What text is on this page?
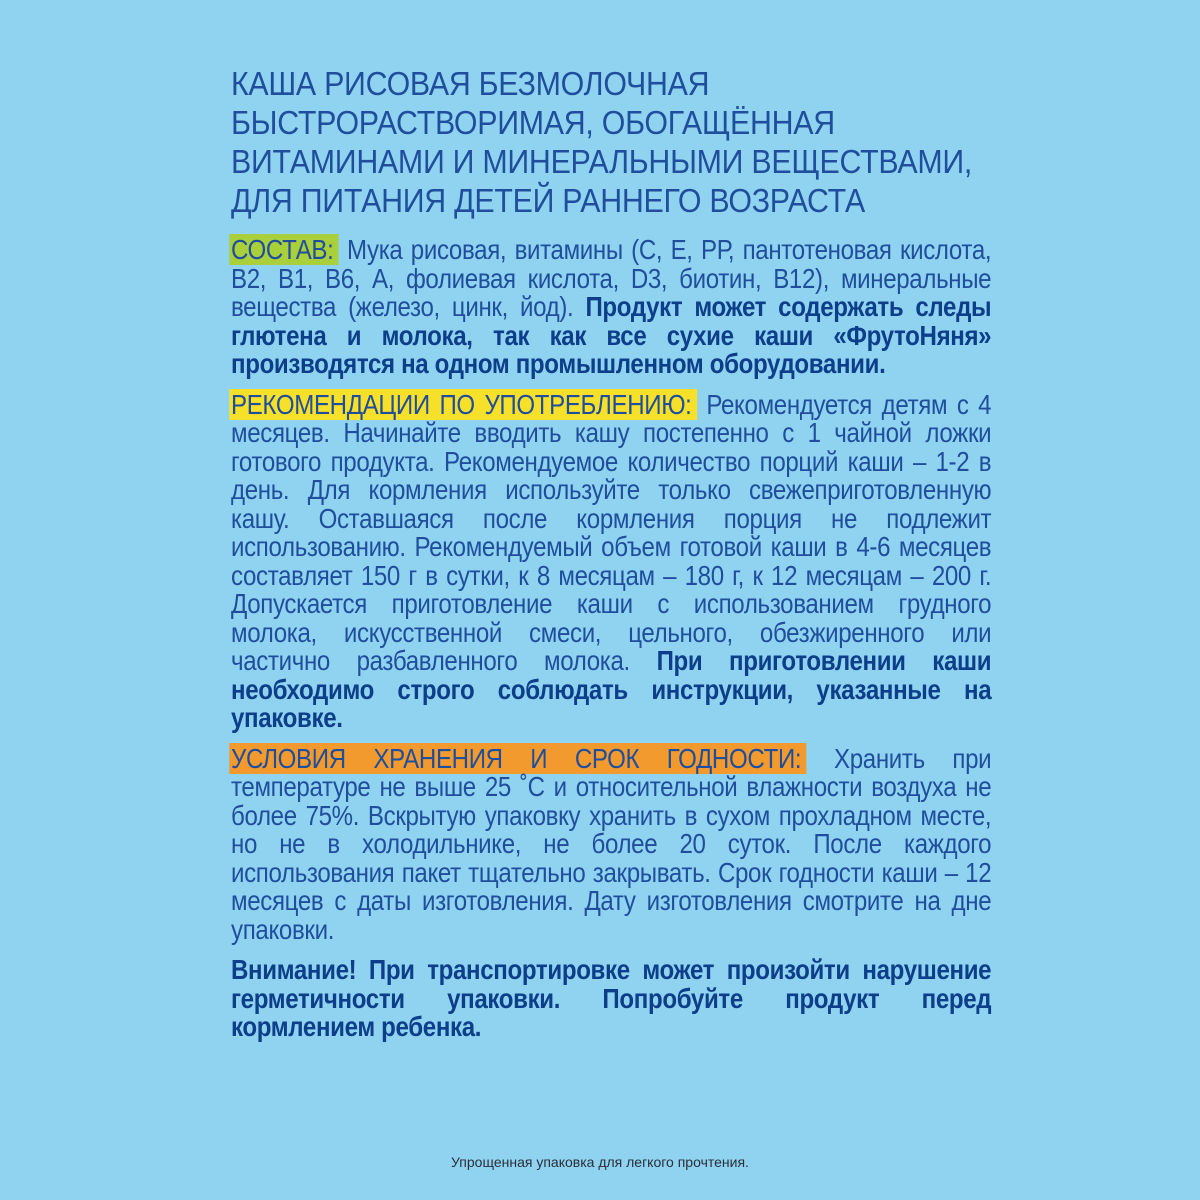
КАША РИСОВАЯ БЕЗМОЛОЧНАЯ
БЫСТРОРАСТВОРИМАЯ, ОБОГАЩЁННАЯ
ВИТАМИНАМИ И МИНЕРАЛЬНЫМИ ВЕЩЕСТВАМИ,
ДЛЯ ПИТАНИЯ ДЕТЕЙ РАННЕГО ВОЗРАСТА

СОСТАВ: Мука рисовая, витамины (С, Е, РР, пантотеновая кислота, В2, В1, В6, А, фолиевая кислота, D3, биотин, В12), минеральные вещества (железо, цинк, йод). Продукт может содержать следы глютена и молока, так как все сухие каши «ФрутоНяня» производятся на одном промышленном оборудовании.

РЕКОМЕНДАЦИИ ПО УПОТРЕБЛЕНИЮ: Рекомендуется детям с 4 месяцев. Начинайте вводить кашу постепенно с 1 чайной ложки готового продукта. Рекомендуемое количество порций каши – 1-2 в день. Для кормления используйте только свежеприготовленную кашу. Оставшаяся после кормления порция не подлежит использованию. Рекомендуемый объем готовой каши в 4-6 месяцев составляет 150 г в сутки, к 8 месяцам – 180 г, к 12 месяцам – 200 г. Допускается приготовление каши с использованием грудного молока, искусственной смеси, цельного, обезжиренного или частично разбавленного молока. При приготовлении каши необходимо строго соблюдать инструкции, указанные на упаковке.

УСЛОВИЯ ХРАНЕНИЯ И СРОК ГОДНОСТИ: Хранить при температуре не выше 25 ˚С и относительной влажности воздуха не более 75%. Вскрытую упаковку хранить в сухом прохладном месте, но не в холодильнике, не более 20 суток. После каждого использования пакет тщательно закрывать. Срок годности каши – 12 месяцев с даты изготовления. Дату изготовления смотрите на дне упаковки.

Внимание! При транспортировке может произойти нарушение герметичности упаковки. Попробуйте продукт перед кормлением ребенка.

Упрощенная упаковка для легкого прочтения.
